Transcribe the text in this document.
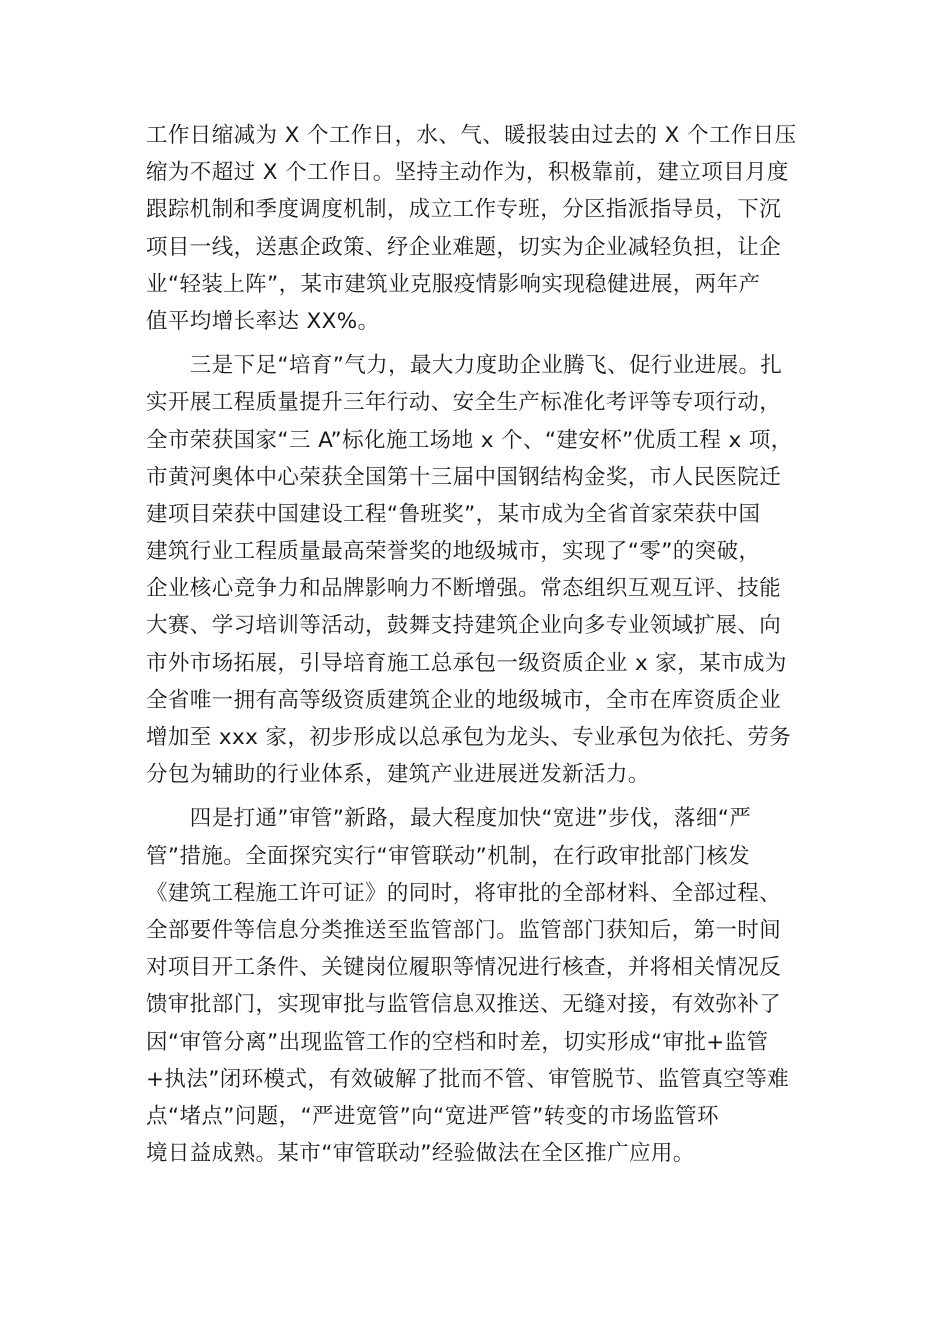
工作日缩减为 X 个工作日，水、气、暖报装由过去的 X 个工作日压
缩为不超过 X 个工作日。坚持主动作为，积极靠前，建立项目月度
跟踪机制和季度调度机制，成立工作专班，分区指派指导员，下沉
项目一线，送惠企政策、纾企业难题，切实为企业减轻负担，让企
业“轻装上阵”，某市建筑业克服疫情影响实现稳健进展，两年产
值平均增长率达 XX%。
　　三是下足“培育”气力，最大力度助企业腾飞、促行业进展。扎
实开展工程质量提升三年行动、安全生产标准化考评等专项行动，
全市荣获国家“三 A”标化施工场地 x 个、“建安杯”优质工程 x 项，
市黄河奥体中心荣获全国第十三届中国钢结构金奖，市人民医院迁
建项目荣获中国建设工程“鲁班奖”，某市成为全省首家荣获中国
建筑行业工程质量最高荣誉奖的地级城市，实现了“零”的突破，
企业核心竞争力和品牌影响力不断增强。常态组织互观互评、技能
大赛、学习培训等活动，鼓舞支持建筑企业向多专业领域扩展、向
市外市场拓展，引导培育施工总承包一级资质企业 x 家，某市成为
全省唯一拥有高等级资质建筑企业的地级城市，全市在库资质企业
增加至 xxx 家，初步形成以总承包为龙头、专业承包为依托、劳务
分包为辅助的行业体系，建筑产业进展迸发新活力。
　　四是打通”审管”新路，最大程度加快“宽进”步伐，落细“严
管”措施。全面探究实行“审管联动”机制，在行政审批部门核发
《建筑工程施工许可证》的同时，将审批的全部材料、全部过程、
全部要件等信息分类推送至监管部门。监管部门获知后，第一时间
对项目开工条件、关键岗位履职等情况进行核查，并将相关情况反
馈审批部门，实现审批与监管信息双推送、无缝对接，有效弥补了
因“审管分离”出现监管工作的空档和时差，切实形成“审批+监管
+执法”闭环模式，有效破解了批而不管、审管脱节、监管真空等难
点“堵点”问题，“严进宽管”向“宽进严管”转变的市场监管环
境日益成熟。某市“审管联动”经验做法在全区推广应用。
